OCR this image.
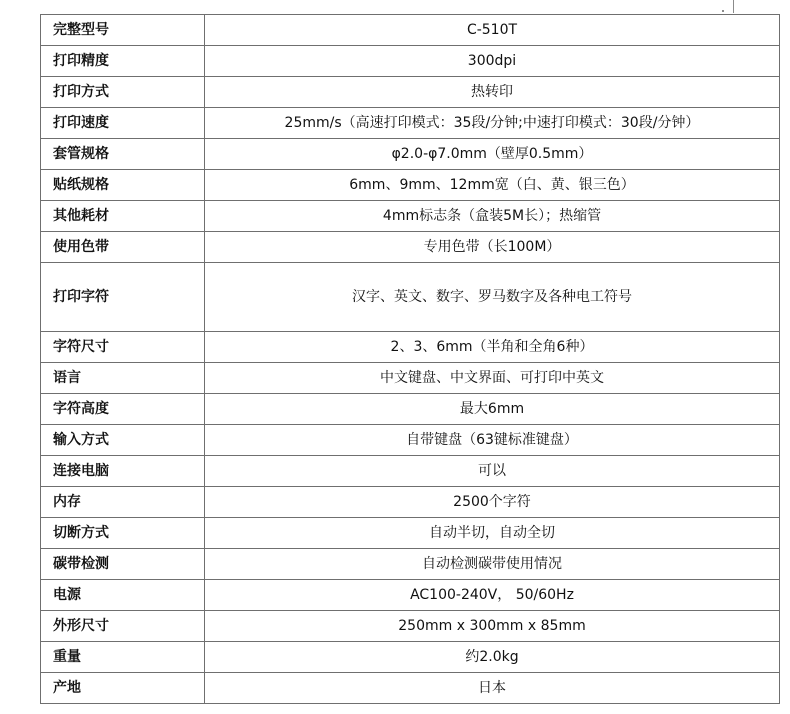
完整型号	C-510T
打印精度	300dpi
打印方式	热转印
打印速度	25mm/s（高速打印模式：35段/分钟;中速打印模式：30段/分钟）
套管规格	φ2.0-φ7.0mm（壁厚0.5mm）
贴纸规格	6mm、9mm、12mm宽（白、黄、银三色）
其他耗材	4mm标志条（盒装5M长）；热缩管
使用色带	专用色带（长100M）
打印字符	汉字、英文、数字、罗马数字及各种电工符号
字符尺寸	2、3、6mm（半角和全角6种）
语言	中文键盘、中文界面、可打印中英文
字符高度	最大6mm
输入方式	自带键盘（63键标准键盘）
连接电脑	可以
内存	2500个字符
切断方式	自动半切，自动全切
碳带检测	自动检测碳带使用情况
电源	AC100-240V， 50/60Hz
外形尺寸	250mm x 300mm x 85mm
重量	约2.0kg
产地	日本
